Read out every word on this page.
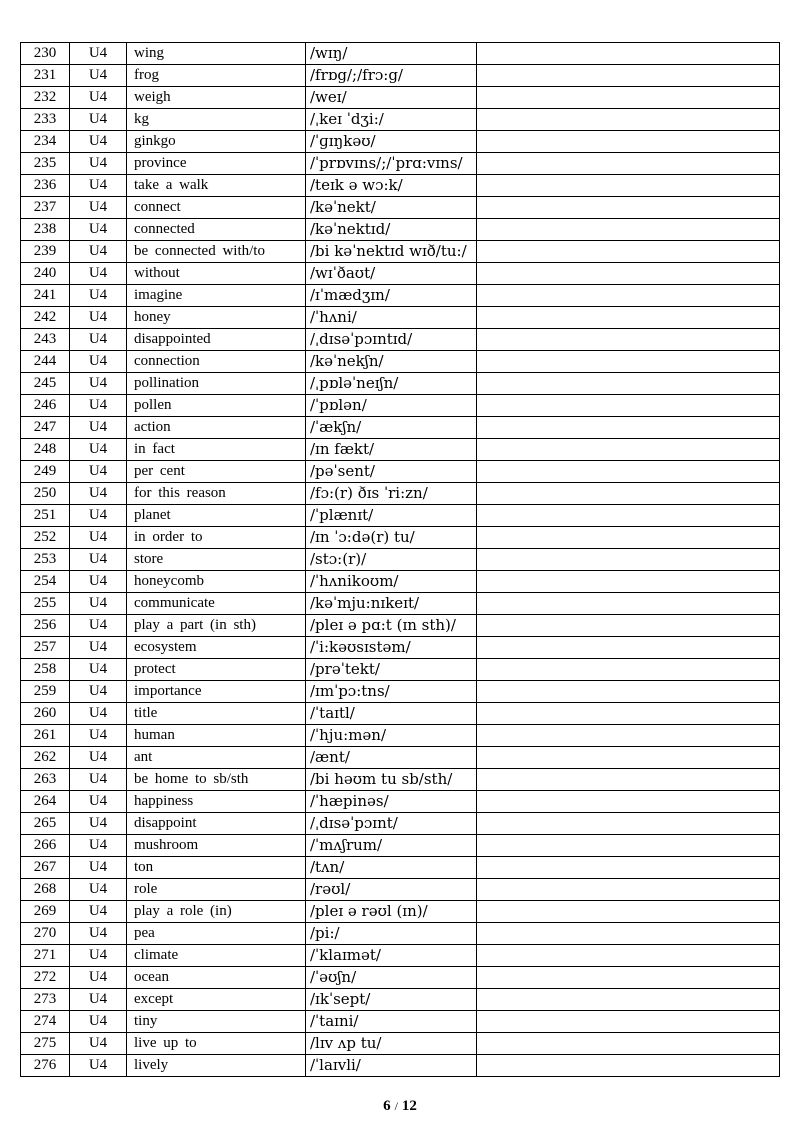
230	U4	wing	/wɪŋ/	
231	U4	frog	/frɒg/;/frɔ:g/	
232	U4	weigh	/weɪ/	
233	U4	kg	/ˌkeɪ ˈdʒi:/	
234	U4	ginkgo	/ˈɡɪŋkəʊ/	
235	U4	province	/ˈprɒvɪns/;/ˈprɑ:vɪns/	
236	U4	take a walk	/teɪk ə wɔ:k/	
237	U4	connect	/kəˈnekt/	
238	U4	connected	/kəˈnektɪd/	
239	U4	be connected with/to	/bi kəˈnektɪd wɪð/tu:/	
240	U4	without	/wɪˈðaʊt/	
241	U4	imagine	/ɪˈmædʒɪn/	
242	U4	honey	/ˈhʌni/	
243	U4	disappointed	/ˌdɪsəˈpɔɪntɪd/	
244	U4	connection	/kəˈnekʃn/	
245	U4	pollination	/ˌpɒləˈneɪʃn/	
246	U4	pollen	/ˈpɒlən/	
247	U4	action	/ˈækʃn/	
248	U4	in fact	/ɪn fækt/	
249	U4	per cent	/pəˈsent/	
250	U4	for this reason	/fɔ:(r) ðɪs ˈri:zn/	
251	U4	planet	/ˈplænɪt/	
252	U4	in order to	/ɪn ˈɔ:də(r) tu/	
253	U4	store	/stɔ:(r)/	
254	U4	honeycomb	/ˈhʌnikoʊm/	
255	U4	communicate	/kəˈmju:nɪkeɪt/	
256	U4	play a part (in sth)	/pleɪ ə pɑ:t (ɪn sth)/	
257	U4	ecosystem	/ˈi:kəʊsɪstəm/	
258	U4	protect	/prəˈtekt/	
259	U4	importance	/ɪmˈpɔ:tns/	
260	U4	title	/ˈtaɪtl/	
261	U4	human	/ˈhju:mən/	
262	U4	ant	/ænt/	
263	U4	be home to sb/sth	/bi həʊm tu sb/sth/	
264	U4	happiness	/ˈhæpinəs/	
265	U4	disappoint	/ˌdɪsəˈpɔɪnt/	
266	U4	mushroom	/ˈmʌʃrum/	
267	U4	ton	/tʌn/	
268	U4	role	/rəʊl/	
269	U4	play a role (in)	/pleɪ ə rəʊl (ɪn)/	
270	U4	pea	/pi:/	
271	U4	climate	/ˈklaɪmət/	
272	U4	ocean	/ˈəʊʃn/	
273	U4	except	/ɪkˈsept/	
274	U4	tiny	/ˈtaɪni/	
275	U4	live up to	/lɪv ʌp tu/	
276	U4	lively	/ˈlaɪvli/	
6 / 12
